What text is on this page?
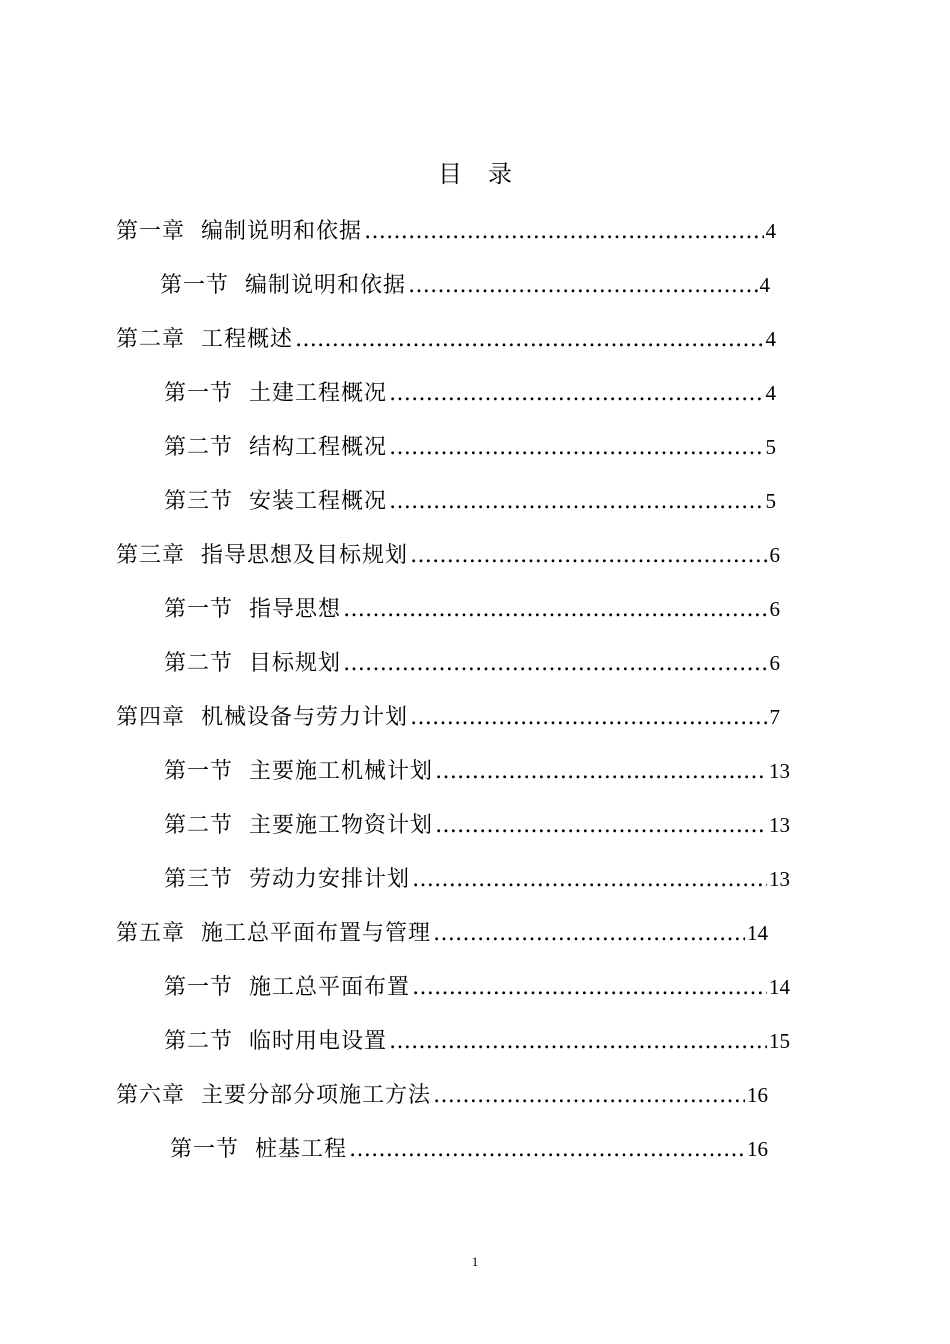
目录
第一章 编制说明和依据 ……………………………………………………………………………………………………………………	4
第一节 编制说明和依据 ……………………………………………………………………………………………………………………	4
第二章 工程概述 ……………………………………………………………………………………………………………………	4
第一节 土建工程概况 ……………………………………………………………………………………………………………………	4
第二节 结构工程概况 ……………………………………………………………………………………………………………………	5
第三节 安装工程概况 ……………………………………………………………………………………………………………………	5
第三章 指导思想及目标规划 ……………………………………………………………………………………………………………………	6
第一节 指导思想 ……………………………………………………………………………………………………………………	6
第二节 目标规划 ……………………………………………………………………………………………………………………	6
第四章 机械设备与劳力计划 ……………………………………………………………………………………………………………………	7
第一节 主要施工机械计划 ……………………………………………………………………………………………………………………	13
第二节 主要施工物资计划 ……………………………………………………………………………………………………………………	13
第三节 劳动力安排计划 ……………………………………………………………………………………………………………………	13
第五章 施工总平面布置与管理 ……………………………………………………………………………………………………………………	14
第一节 施工总平面布置 ……………………………………………………………………………………………………………………	14
第二节 临时用电设置 ……………………………………………………………………………………………………………………	15
第六章 主要分部分项施工方法 ……………………………………………………………………………………………………………………	16
第一节 桩基工程 ……………………………………………………………………………………………………………………	16
1
